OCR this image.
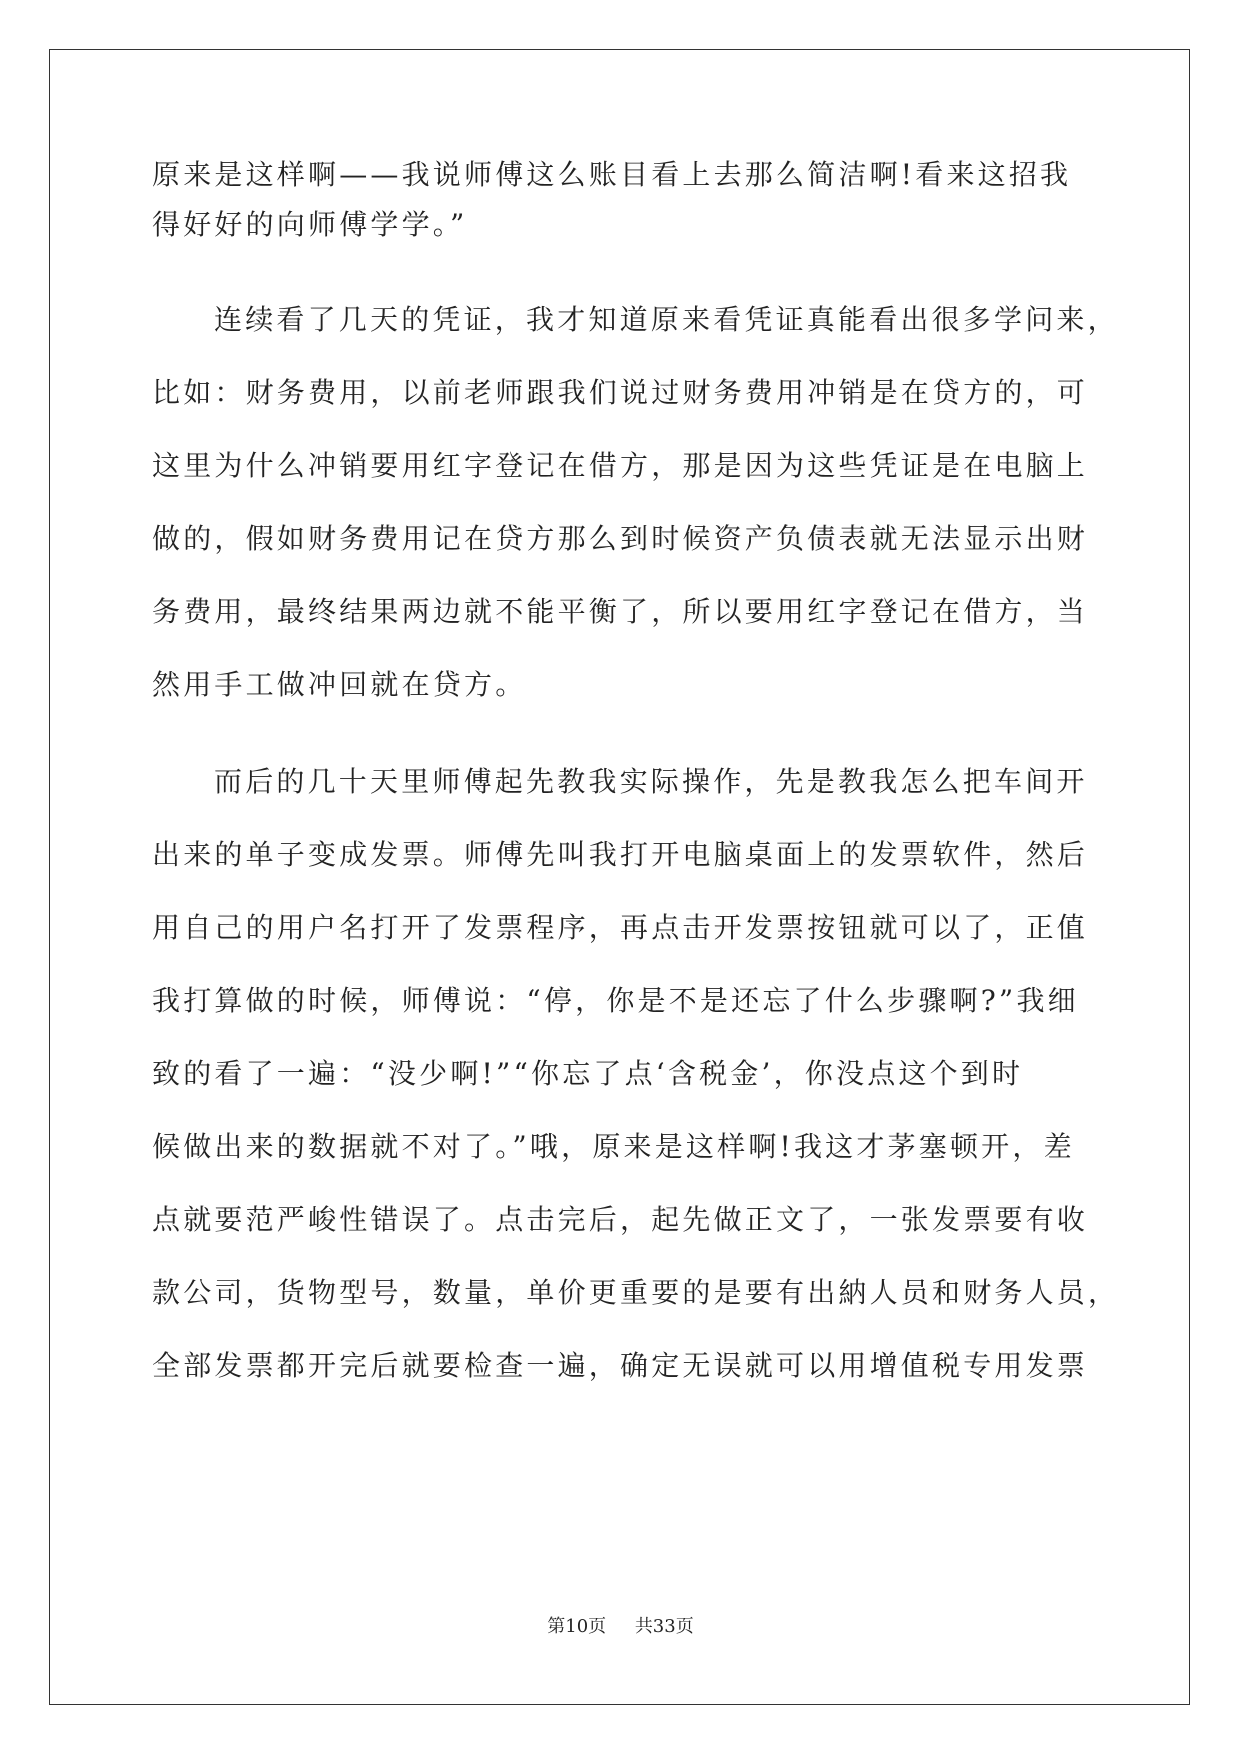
原来是这样啊——我说师傅这么账目看上去那么简洁啊!看来这招我
得好好的向师傅学学。”
连续看了几天的凭证，我才知道原来看凭证真能看出很多学问来，
比如：财务费用，以前老师跟我们说过财务费用冲销是在贷方的，可
这里为什么冲销要用红字登记在借方，那是因为这些凭证是在电脑上
做的，假如财务费用记在贷方那么到时候资产负债表就无法显示出财
务费用，最终结果两边就不能平衡了，所以要用红字登记在借方，当
然用手工做冲回就在贷方。
而后的几十天里师傅起先教我实际操作，先是教我怎么把车间开
出来的单子变成发票。师傅先叫我打开电脑桌面上的发票软件，然后
用自己的用户名打开了发票程序，再点击开发票按钮就可以了，正值
我打算做的时候，师傅说：“停，你是不是还忘了什么步骤啊?”我细
致的看了一遍：“没少啊!”“你忘了点‘含税金’，你没点这个到时
候做出来的数据就不对了。”哦，原来是这样啊!我这才茅塞顿开，差
点就要范严峻性错误了。点击完后，起先做正文了，一张发票要有收
款公司，货物型号，数量，单价更重要的是要有出納人员和财务人员，
全部发票都开完后就要检查一遍，确定无误就可以用增值税专用发票
第10页 共33页
